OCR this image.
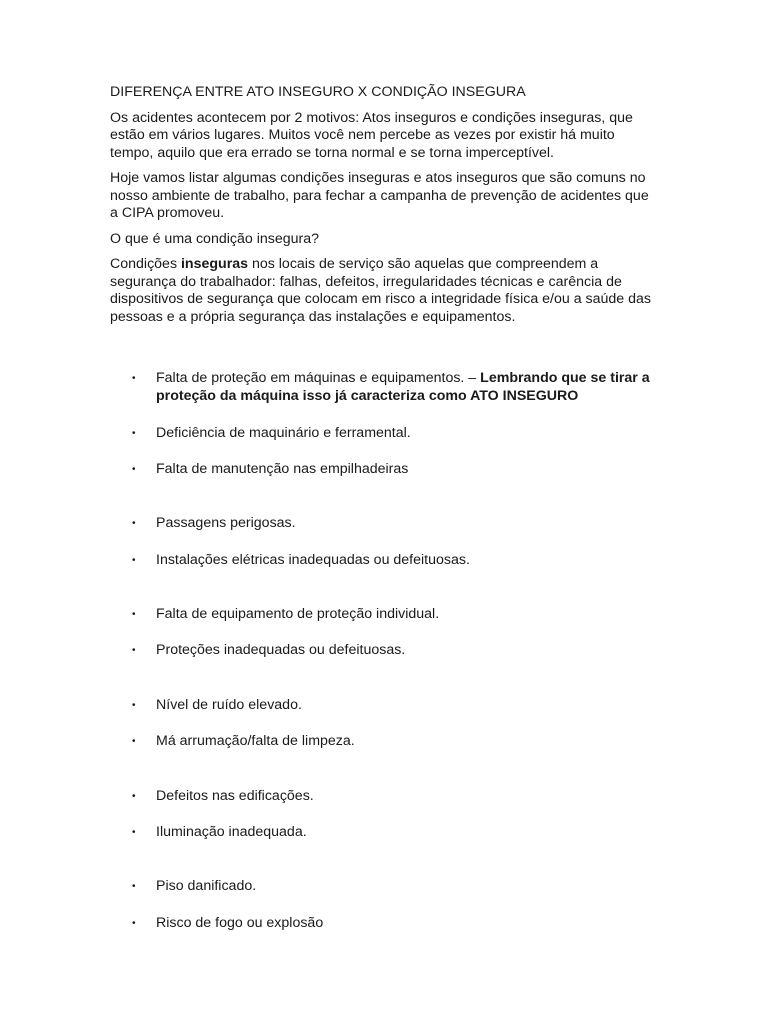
DIFERENÇA ENTRE ATO INSEGURO X CONDIÇÃO INSEGURA

Os acidentes acontecem por 2 motivos: Atos inseguros e condições inseguras, que estão em vários lugares. Muitos você nem percebe as vezes por existir há muito tempo, aquilo que era errado se torna normal e se torna imperceptível.

Hoje vamos listar algumas condições inseguras e atos inseguros que são comuns no nosso ambiente de trabalho, para fechar a campanha de prevenção de acidentes que a CIPA promoveu.

O que é uma condição insegura?

Condições inseguras nos locais de serviço são aquelas que compreendem a segurança do trabalhador: falhas, defeitos, irregularidades técnicas e carência de dispositivos de segurança que colocam em risco a integridade física e/ou a saúde das pessoas e a própria segurança das instalações e equipamentos.

• Falta de proteção em máquinas e equipamentos. – Lembrando que se tirar a proteção da máquina isso já caracteriza como ATO INSEGURO
• Deficiência de maquinário e ferramental.
• Falta de manutenção nas empilhadeiras
• Passagens perigosas.
• Instalações elétricas inadequadas ou defeituosas.
• Falta de equipamento de proteção individual.
• Proteções inadequadas ou defeituosas.
• Nível de ruído elevado.
• Má arrumação/falta de limpeza.
• Defeitos nas edificações.
• Iluminação inadequada.
• Piso danificado.
• Risco de fogo ou explosão
